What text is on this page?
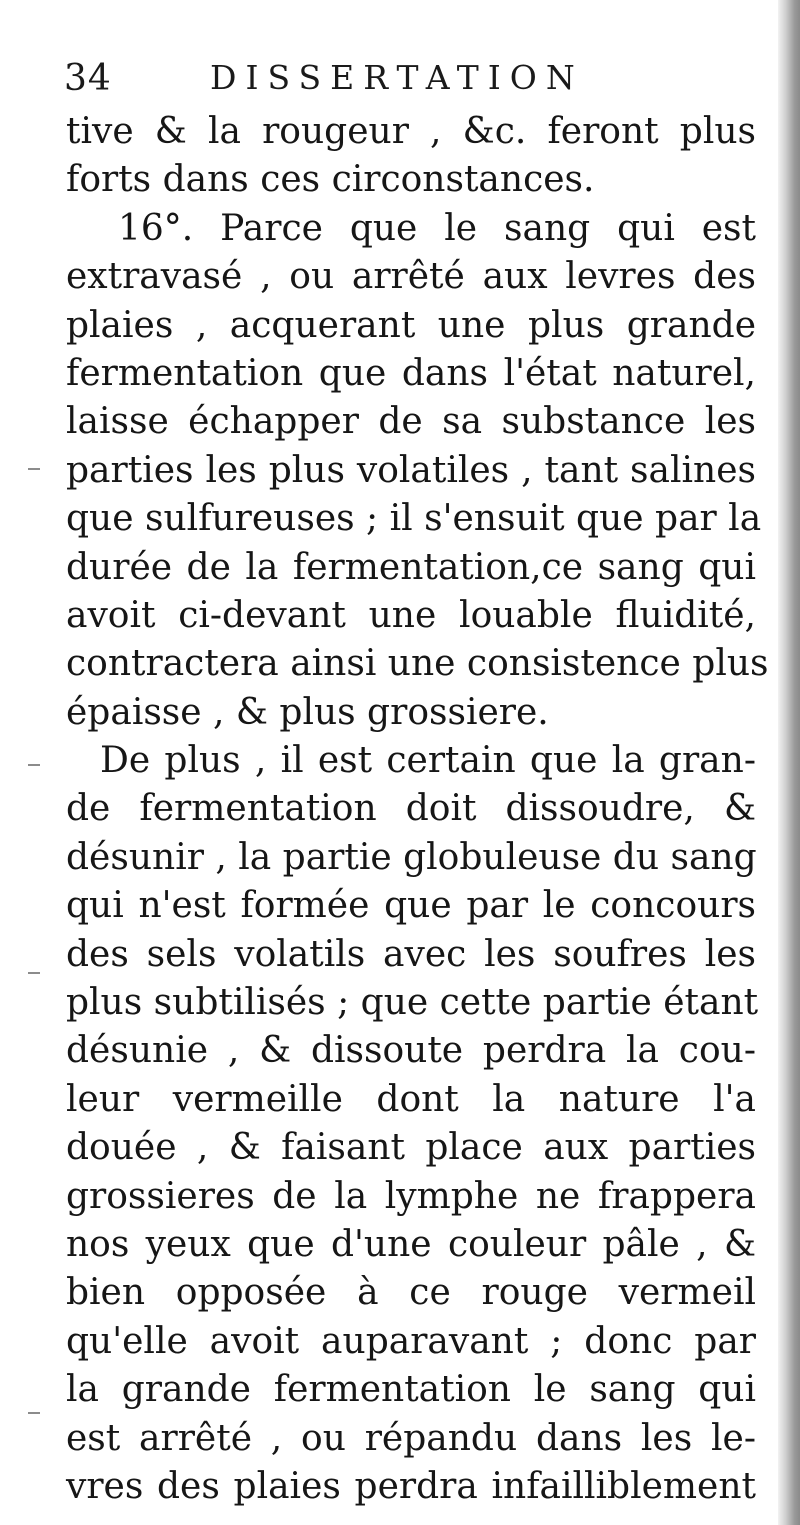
34	DISSERTATION
tive & la rougeur , &c. feront plus
forts dans ces circonstances.
16°. Parce que le sang qui est
extravasé , ou arrêté aux levres des
plaies , acquerant une plus grande
fermentation que dans l'état naturel,
laisse échapper de sa substance les
parties les plus volatiles , tant salines
que sulfureuses ; il s'ensuit que par la
durée de la fermentation,ce sang qui
avoit ci-devant une louable fluidité,
contractera ainsi une consistence plus
épaisse , & plus grossiere.
De plus , il est certain que la gran-
de fermentation doit dissoudre, &
désunir , la partie globuleuse du sang
qui n'est formée que par le concours
des sels volatils avec les soufres les
plus subtilisés ; que cette partie étant
désunie , & dissoute perdra la cou-
leur vermeille dont la nature l'a
douée , & faisant place aux parties
grossieres de la lymphe ne frappera
nos yeux que d'une couleur pâle , &
bien opposée à ce rouge vermeil
qu'elle avoit auparavant ; donc par
la grande fermentation le sang qui
est arrêté , ou répandu dans les le-
vres des plaies perdra infailliblement
